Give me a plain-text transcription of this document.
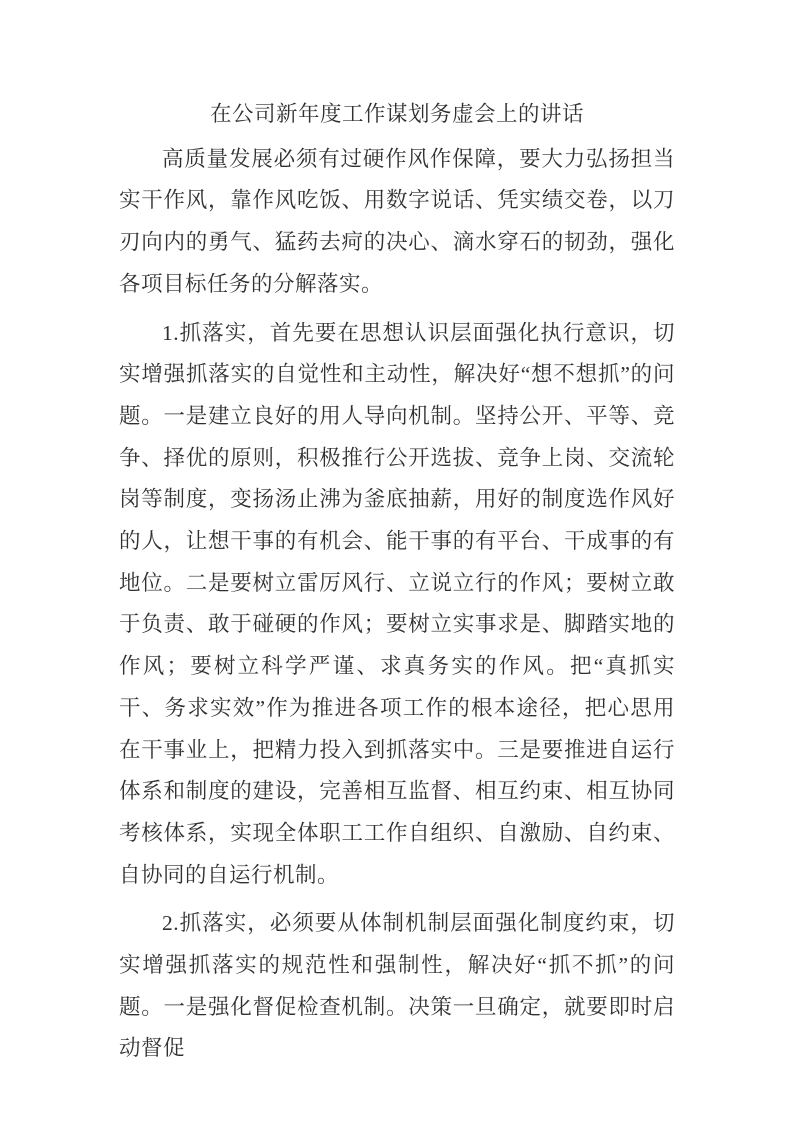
在公司新年度工作谋划务虚会上的讲话

高质量发展必须有过硬作风作保障，要大力弘扬担当实干作风，靠作风吃饭、用数字说话、凭实绩交卷，以刀刃向内的勇气、猛药去疴的决心、滴水穿石的韧劲，强化各项目标任务的分解落实。

1.抓落实，首先要在思想认识层面强化执行意识，切实增强抓落实的自觉性和主动性，解决好“想不想抓”的问题。一是建立良好的用人导向机制。坚持公开、平等、竞争、择优的原则，积极推行公开选拔、竞争上岗、交流轮岗等制度，变扬汤止沸为釜底抽薪，用好的制度选作风好的人，让想干事的有机会、能干事的有平台、干成事的有地位。二是要树立雷厉风行、立说立行的作风；要树立敢于负责、敢于碰硬的作风；要树立实事求是、脚踏实地的作风；要树立科学严谨、求真务实的作风。把“真抓实干、务求实效”作为推进各项工作的根本途径，把心思用在干事业上，把精力投入到抓落实中。三是要推进自运行体系和制度的建设，完善相互监督、相互约束、相互协同考核体系，实现全体职工工作自组织、自激励、自约束、自协同的自运行机制。

2.抓落实，必须要从体制机制层面强化制度约束，切实增强抓落实的规范性和强制性，解决好“抓不抓”的问题。一是强化督促检查机制。决策一旦确定，就要即时启动督促
